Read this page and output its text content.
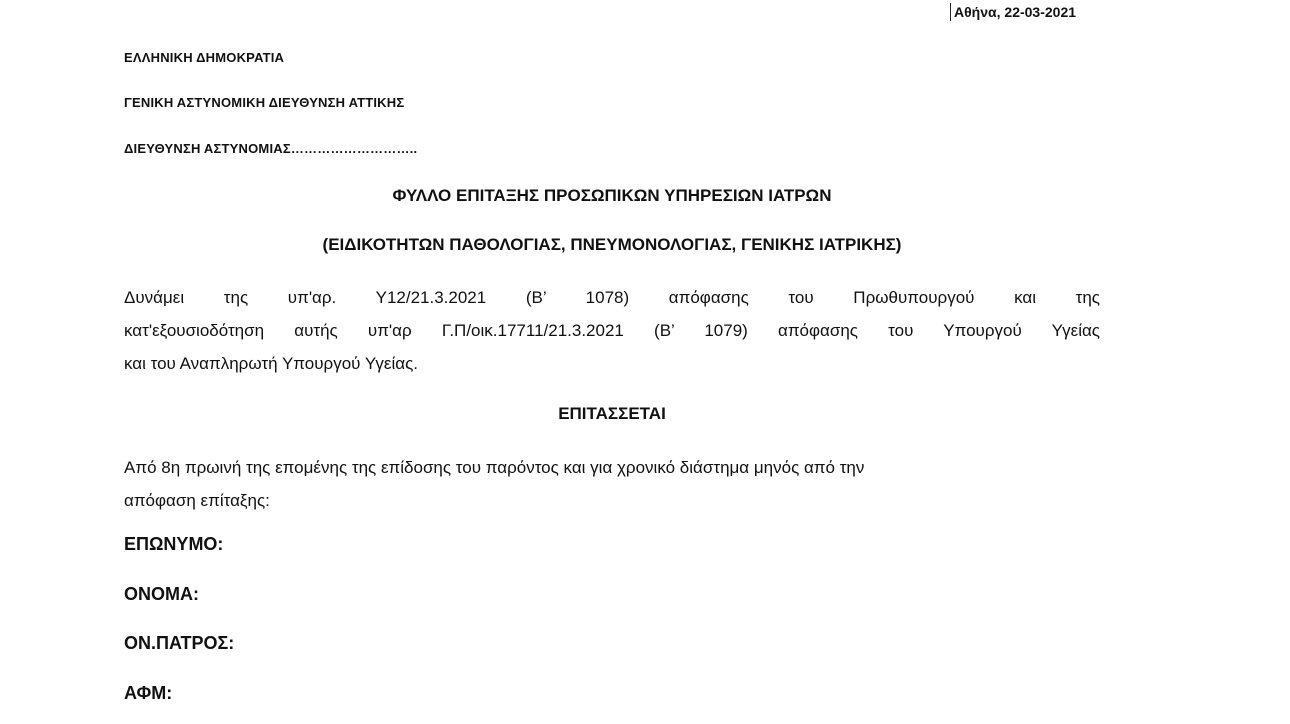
Αθήνα, 22-03-2021
ΕΛΛΗΝΙΚΗ ΔΗΜΟΚΡΑΤΙΑ
ΓΕΝΙΚΗ ΑΣΤΥΝΟΜΙΚΗ ΔΙΕΥΘΥΝΣΗ ΑΤΤΙΚΗΣ
ΔΙΕΥΘΥΝΣΗ ΑΣΤΥΝΟΜΙΑΣ………………………..
ΦΥΛΛΟ ΕΠΙΤΑΞΗΣ ΠΡΟΣΩΠΙΚΩΝ ΥΠΗΡΕΣΙΩΝ ΙΑΤΡΩΝ
(ΕΙΔΙΚΟΤΗΤΩΝ ΠΑΘΟΛΟΓΙΑΣ, ΠΝΕΥΜΟΝΟΛΟΓΙΑΣ, ΓΕΝΙΚΗΣ ΙΑΤΡΙΚΗΣ)
Δυνάμει της υπ'αρ. Υ12/21.3.2021 (Β’ 1078) απόφασης του Πρωθυπουργού και της
κατ'εξουσιοδότηση αυτής υπ'αρ Γ.Π/οικ.17711/21.3.2021 (Β’ 1079) απόφασης του Υπουργού Υγείας
και του Αναπληρωτή Υπουργού Υγείας.
ΕΠΙΤΑΣΣΕΤΑΙ
Από 8η πρωινή της επομένης της επίδοσης του παρόντος και για χρονικό διάστημα μηνός από την
απόφαση επίταξης:
ΕΠΩΝΥΜΟ:
ΟΝΟΜΑ:
ΟΝ.ΠΑΤΡΟΣ:
ΑΦΜ:
